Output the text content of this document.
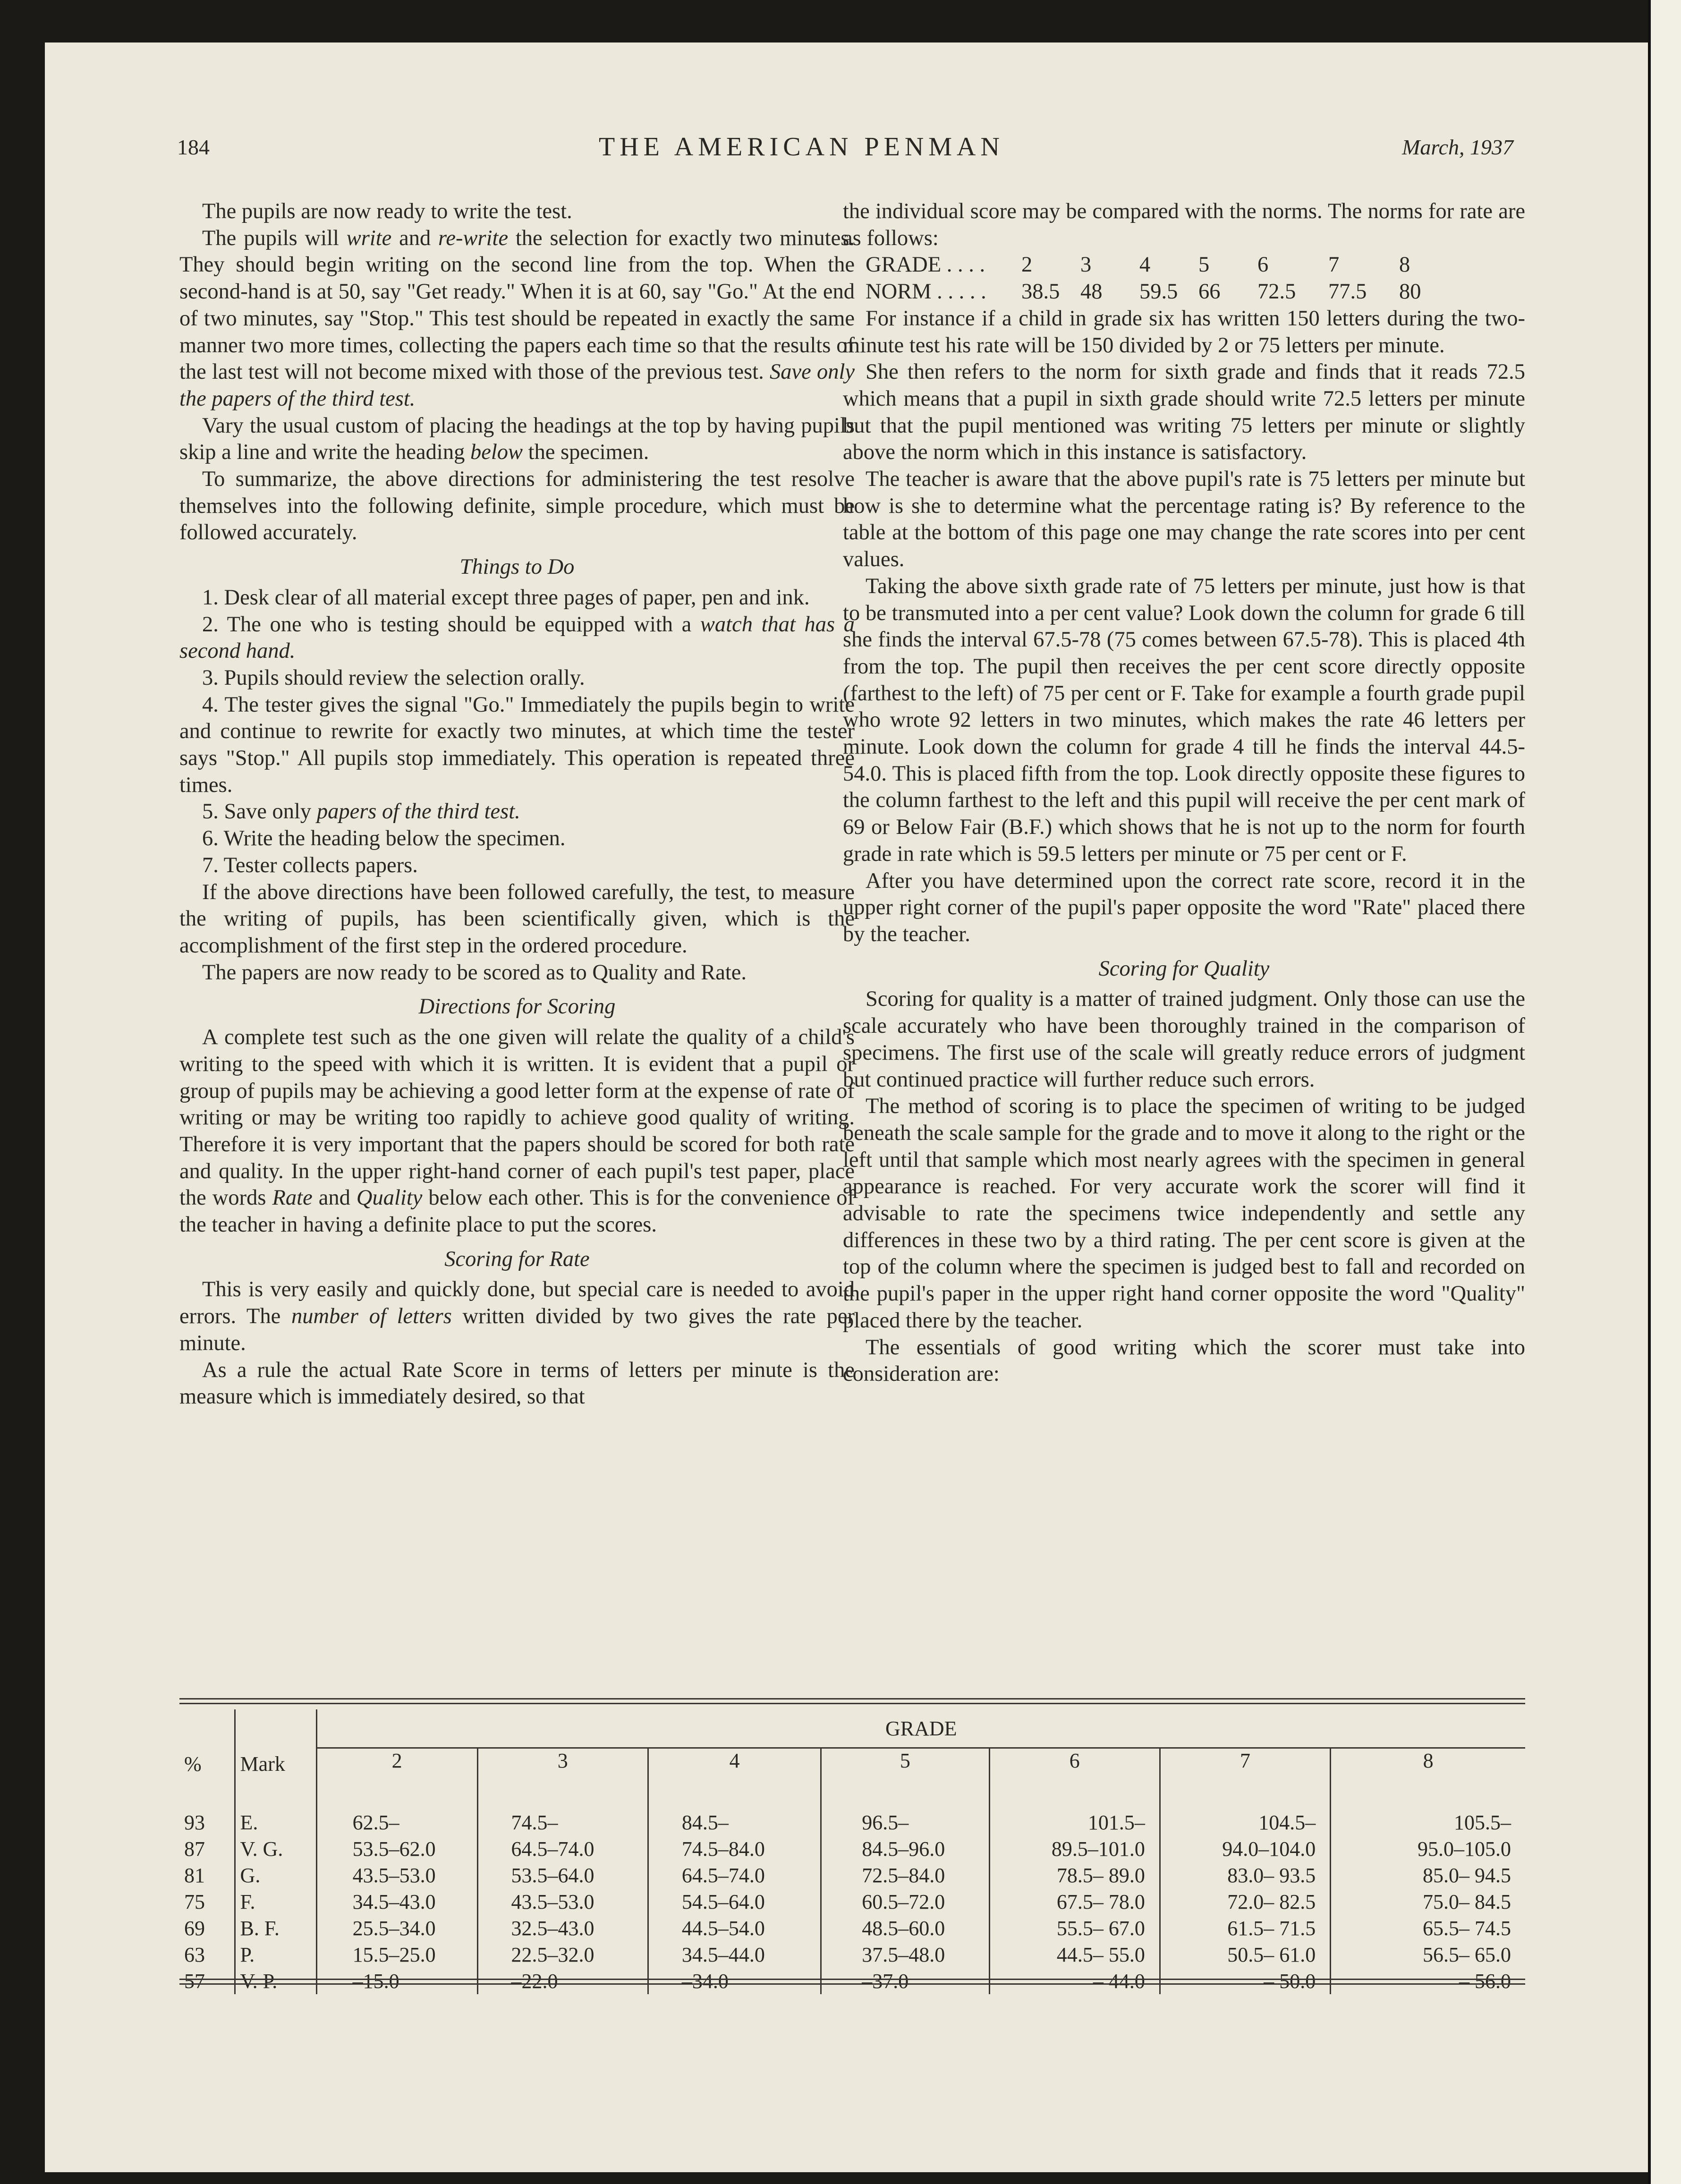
184	THE AMERICAN PENMAN	March, 1937

The pupils are now ready to write the test.

The pupils will write and re-write the selection for exactly two minutes. They should begin writing on the second line from the top. When the second-hand is at 50, say "Get ready." When it is at 60, say "Go." At the end of two minutes, say "Stop." This test should be repeated in exactly the same manner two more times, collecting the papers each time so that the results of the last test will not become mixed with those of the previous test. Save only the papers of the third test.

Vary the usual custom of placing the headings at the top by having pupils skip a line and write the heading below the specimen.

To summarize, the above directions for administering the test resolve themselves into the following definite, simple procedure, which must be followed accurately.

Things to Do

1. Desk clear of all material except three pages of paper, pen and ink.

2. The one who is testing should be equipped with a watch that has a second hand.

3. Pupils should review the selection orally.

4. The tester gives the signal "Go." Immediately the pupils begin to write and continue to rewrite for exactly two minutes, at which time the tester says "Stop." All pupils stop immediately. This operation is repeated three times.

5. Save only papers of the third test.

6. Write the heading below the specimen.

7. Tester collects papers.

If the above directions have been followed carefully, the test, to measure the writing of pupils, has been scientifically given, which is the accomplishment of the first step in the ordered procedure.

The papers are now ready to be scored as to Quality and Rate.

Directions for Scoring

A complete test such as the one given will relate the quality of a child's writing to the speed with which it is written. It is evident that a pupil or group of pupils may be achieving a good letter form at the expense of rate of writing or may be writing too rapidly to achieve good quality of writing. Therefore it is very important that the papers should be scored for both rate and quality. In the upper right-hand corner of each pupil's test paper, place the words Rate and Quality below each other. This is for the convenience of the teacher in having a definite place to put the scores.

Scoring for Rate

This is very easily and quickly done, but special care is needed to avoid errors. The number of letters written divided by two gives the rate per minute.

As a rule the actual Rate Score in terms of letters per minute is the measure which is immediately desired, so that

the individual score may be compared with the norms. The norms for rate are as follows:

GRADE . . . . 2 3 4 5 6	7	8
NORM . . . . . 38.5 48 59.5 66 72.5 77.5 80

For instance if a child in grade six has written 150 letters during the two-minute test his rate will be 150 divided by 2 or 75 letters per minute.

She then refers to the norm for sixth grade and finds that it reads 72.5 which means that a pupil in sixth grade should write 72.5 letters per minute but that the pupil mentioned was writing 75 letters per minute or slightly above the norm which in this instance is satisfactory.

The teacher is aware that the above pupil's rate is 75 letters per minute but how is she to determine what the percentage rating is? By reference to the table at the bottom of this page one may change the rate scores into per cent values.

Taking the above sixth grade rate of 75 letters per minute, just how is that to be transmuted into a per cent value? Look down the column for grade 6 till she finds the interval 67.5-78 (75 comes between 67.5-78). This is placed 4th from the top. The pupil then receives the per cent score directly opposite (farthest to the left) of 75 per cent or F. Take for example a fourth grade pupil who wrote 92 letters in two minutes, which makes the rate 46 letters per minute. Look down the column for grade 4 till he finds the interval 44.5-54.0. This is placed fifth from the top. Look directly opposite these figures to the column farthest to the left and this pupil will receive the per cent mark of 69 or Below Fair (B.F.) which shows that he is not up to the norm for fourth grade in rate which is 59.5 letters per minute or 75 per cent or F.

After you have determined upon the correct rate score, record it in the upper right corner of the pupil's paper opposite the word "Rate" placed there by the teacher.

Scoring for Quality

Scoring for quality is a matter of trained judgment. Only those can use the scale accurately who have been thoroughly trained in the comparison of specimens. The first use of the scale will greatly reduce errors of judgment but continued practice will further reduce such errors.

The method of scoring is to place the specimen of writing to be judged beneath the scale sample for the grade and to move it along to the right or the left until that sample which most nearly agrees with the specimen in general appearance is reached. For very accurate work the scorer will find it advisable to rate the specimens twice independently and settle any differences in these two by a third rating. The per cent score is given at the top of the column where the specimen is judged best to fall and recorded on the pupil's paper in the upper right hand corner opposite the word "Quality" placed there by the teacher.

The essentials of good writing which the scorer must take into consideration are:

%	Mark	GRADE						
		2	3	4	5	6	7	8

93	E.	62.5–	74.5–	84.5–	96.5–	101.5–	104.5–	105.5–
87	V. G.	53.5–62.0	64.5–74.0	74.5–84.0	84.5–96.0	89.5–101.0	94.0–104.0	95.0–105.0
81	G.	43.5–53.0	53.5–64.0	64.5–74.0	72.5–84.0	78.5– 89.0	83.0– 93.5	85.0– 94.5
75	F.	34.5–43.0	43.5–53.0	54.5–64.0	60.5–72.0	67.5– 78.0	72.0– 82.5	75.0– 84.5
69	B. F.	25.5–34.0	32.5–43.0	44.5–54.0	48.5–60.0	55.5– 67.0	61.5– 71.5	65.5– 74.5
63	P.	15.5–25.0	22.5–32.0	34.5–44.0	37.5–48.0	44.5– 55.0	50.5– 61.0	56.5– 65.0
57	V. P.	–15.0	–22.0	–34.0	–37.0	– 44.0	– 50.0	– 56.0
